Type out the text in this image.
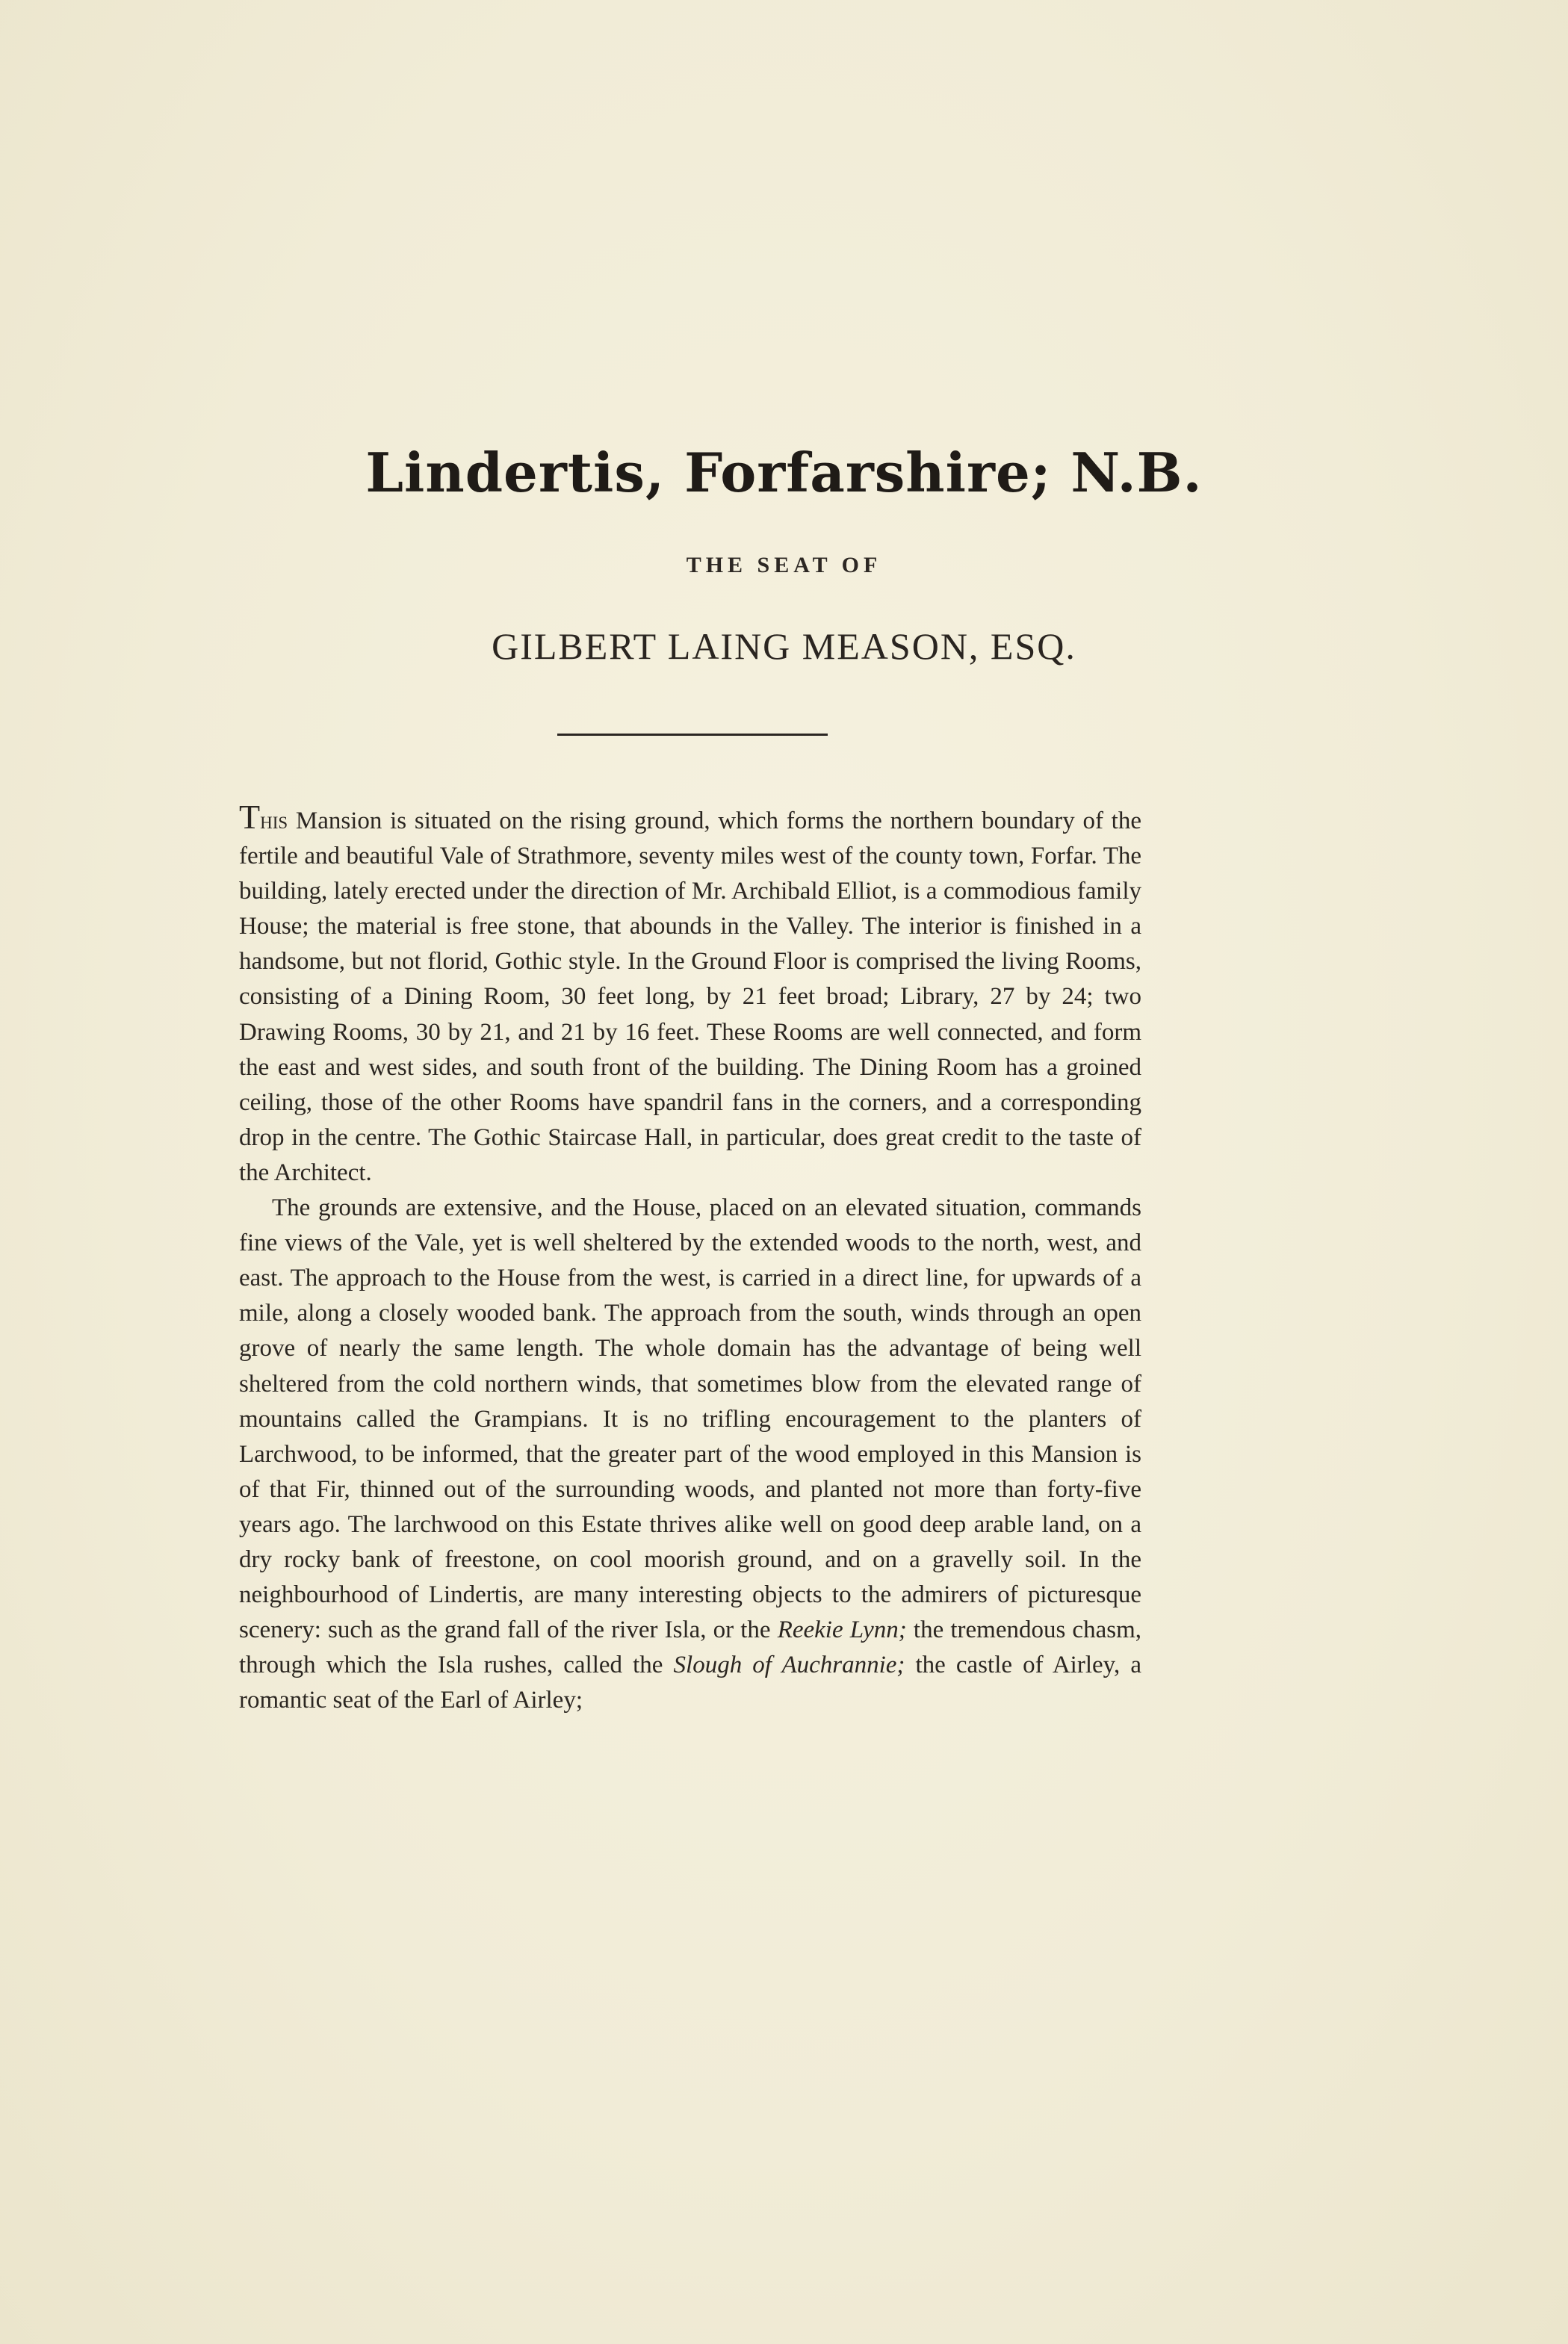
Lindertis, Forfarshire; N.B.
THE SEAT OF
GILBERT LAING MEASON, ESQ.

This Mansion is situated on the rising ground, which forms the northern boundary of the fertile and beautiful Vale of Strathmore, seventy miles west of the county town, Forfar. The building, lately erected under the direction of Mr. Archibald Elliot, is a commodious family House; the material is free stone, that abounds in the Valley. The interior is finished in a handsome, but not florid, Gothic style. In the Ground Floor is comprised the living Rooms, consisting of a Dining Room, 30 feet long, by 21 feet broad; Library, 27 by 24; two Drawing Rooms, 30 by 21, and 21 by 16 feet. These Rooms are well connected, and form the east and west sides, and south front of the building. The Dining Room has a groined ceiling, those of the other Rooms have spandril fans in the corners, and a corresponding drop in the centre. The Gothic Staircase Hall, in particular, does great credit to the taste of the Architect.

The grounds are extensive, and the House, placed on an elevated situation, commands fine views of the Vale, yet is well sheltered by the extended woods to the north, west, and east. The approach to the House from the west, is carried in a direct line, for upwards of a mile, along a closely wooded bank. The approach from the south, winds through an open grove of nearly the same length. The whole domain has the advantage of being well sheltered from the cold northern winds, that sometimes blow from the elevated range of mountains called the Grampians. It is no trifling encouragement to the planters of Larchwood, to be informed, that the greater part of the wood employed in this Mansion is of that Fir, thinned out of the surrounding woods, and planted not more than forty-five years ago. The larchwood on this Estate thrives alike well on good deep arable land, on a dry rocky bank of freestone, on cool moorish ground, and on a gravelly soil. In the neighbourhood of Lindertis, are many interesting objects to the admirers of picturesque scenery: such as the grand fall of the river Isla, or the Reekie Lynn; the tremendous chasm, through which the Isla rushes, called the Slough of Auchrannie; the castle of Airley, a romantic seat of the Earl of Airley;
